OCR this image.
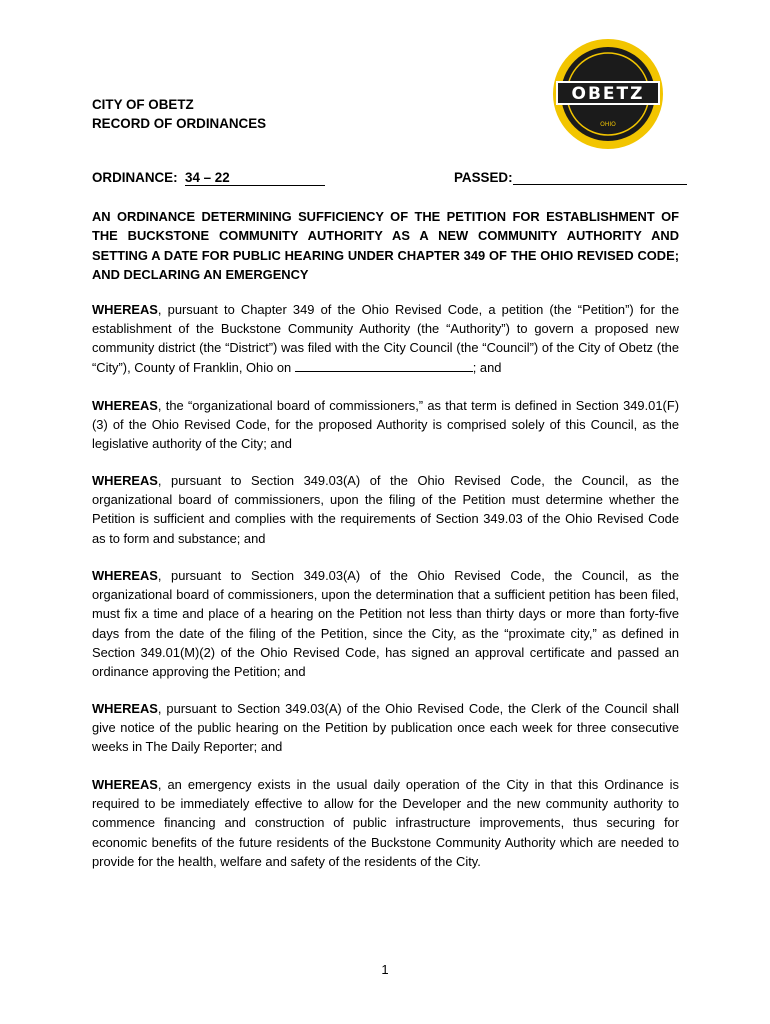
OBETZ
OHIO
CITY OF OBETZ
RECORD OF ORDINANCES
ORDINANCE: 34 – 22	PASSED:
AN ORDINANCE DETERMINING SUFFICIENCY OF THE PETITION FOR ESTABLISHMENT OF THE BUCKSTONE COMMUNITY AUTHORITY AS A NEW COMMUNITY AUTHORITY AND SETTING A DATE FOR PUBLIC HEARING UNDER CHAPTER 349 OF THE OHIO REVISED CODE; AND DECLARING AN EMERGENCY
WHEREAS, pursuant to Chapter 349 of the Ohio Revised Code, a petition (the “Petition”) for the establishment of the Buckstone Community Authority (the “Authority”) to govern a proposed new community district (the “District”) was filed with the City Council (the “Council”) of the City of Obetz (the “City”), County of Franklin, Ohio on	; and
WHEREAS, the “organizational board of commissioners,” as that term is defined in Section 349.01(F)(3) of the Ohio Revised Code, for the proposed Authority is comprised solely of this Council, as the legislative authority of the City; and
WHEREAS, pursuant to Section 349.03(A) of the Ohio Revised Code, the Council, as the organizational board of commissioners, upon the filing of the Petition must determine whether the Petition is sufficient and complies with the requirements of Section 349.03 of the Ohio Revised Code as to form and substance; and
WHEREAS, pursuant to Section 349.03(A) of the Ohio Revised Code, the Council, as the organizational board of commissioners, upon the determination that a sufficient petition has been filed, must fix a time and place of a hearing on the Petition not less than thirty days or more than forty-five days from the date of the filing of the Petition, since the City, as the “proximate city,” as defined in Section 349.01(M)(2) of the Ohio Revised Code, has signed an approval certificate and passed an ordinance approving the Petition; and
WHEREAS, pursuant to Section 349.03(A) of the Ohio Revised Code, the Clerk of the Council shall give notice of the public hearing on the Petition by publication once each week for three consecutive weeks in The Daily Reporter; and
WHEREAS, an emergency exists in the usual daily operation of the City in that this Ordinance is required to be immediately effective to allow for the Developer and the new community authority to commence financing and construction of public infrastructure improvements, thus securing for economic benefits of the future residents of the Buckstone Community Authority which are needed to provide for the health, welfare and safety of the residents of the City.
1
